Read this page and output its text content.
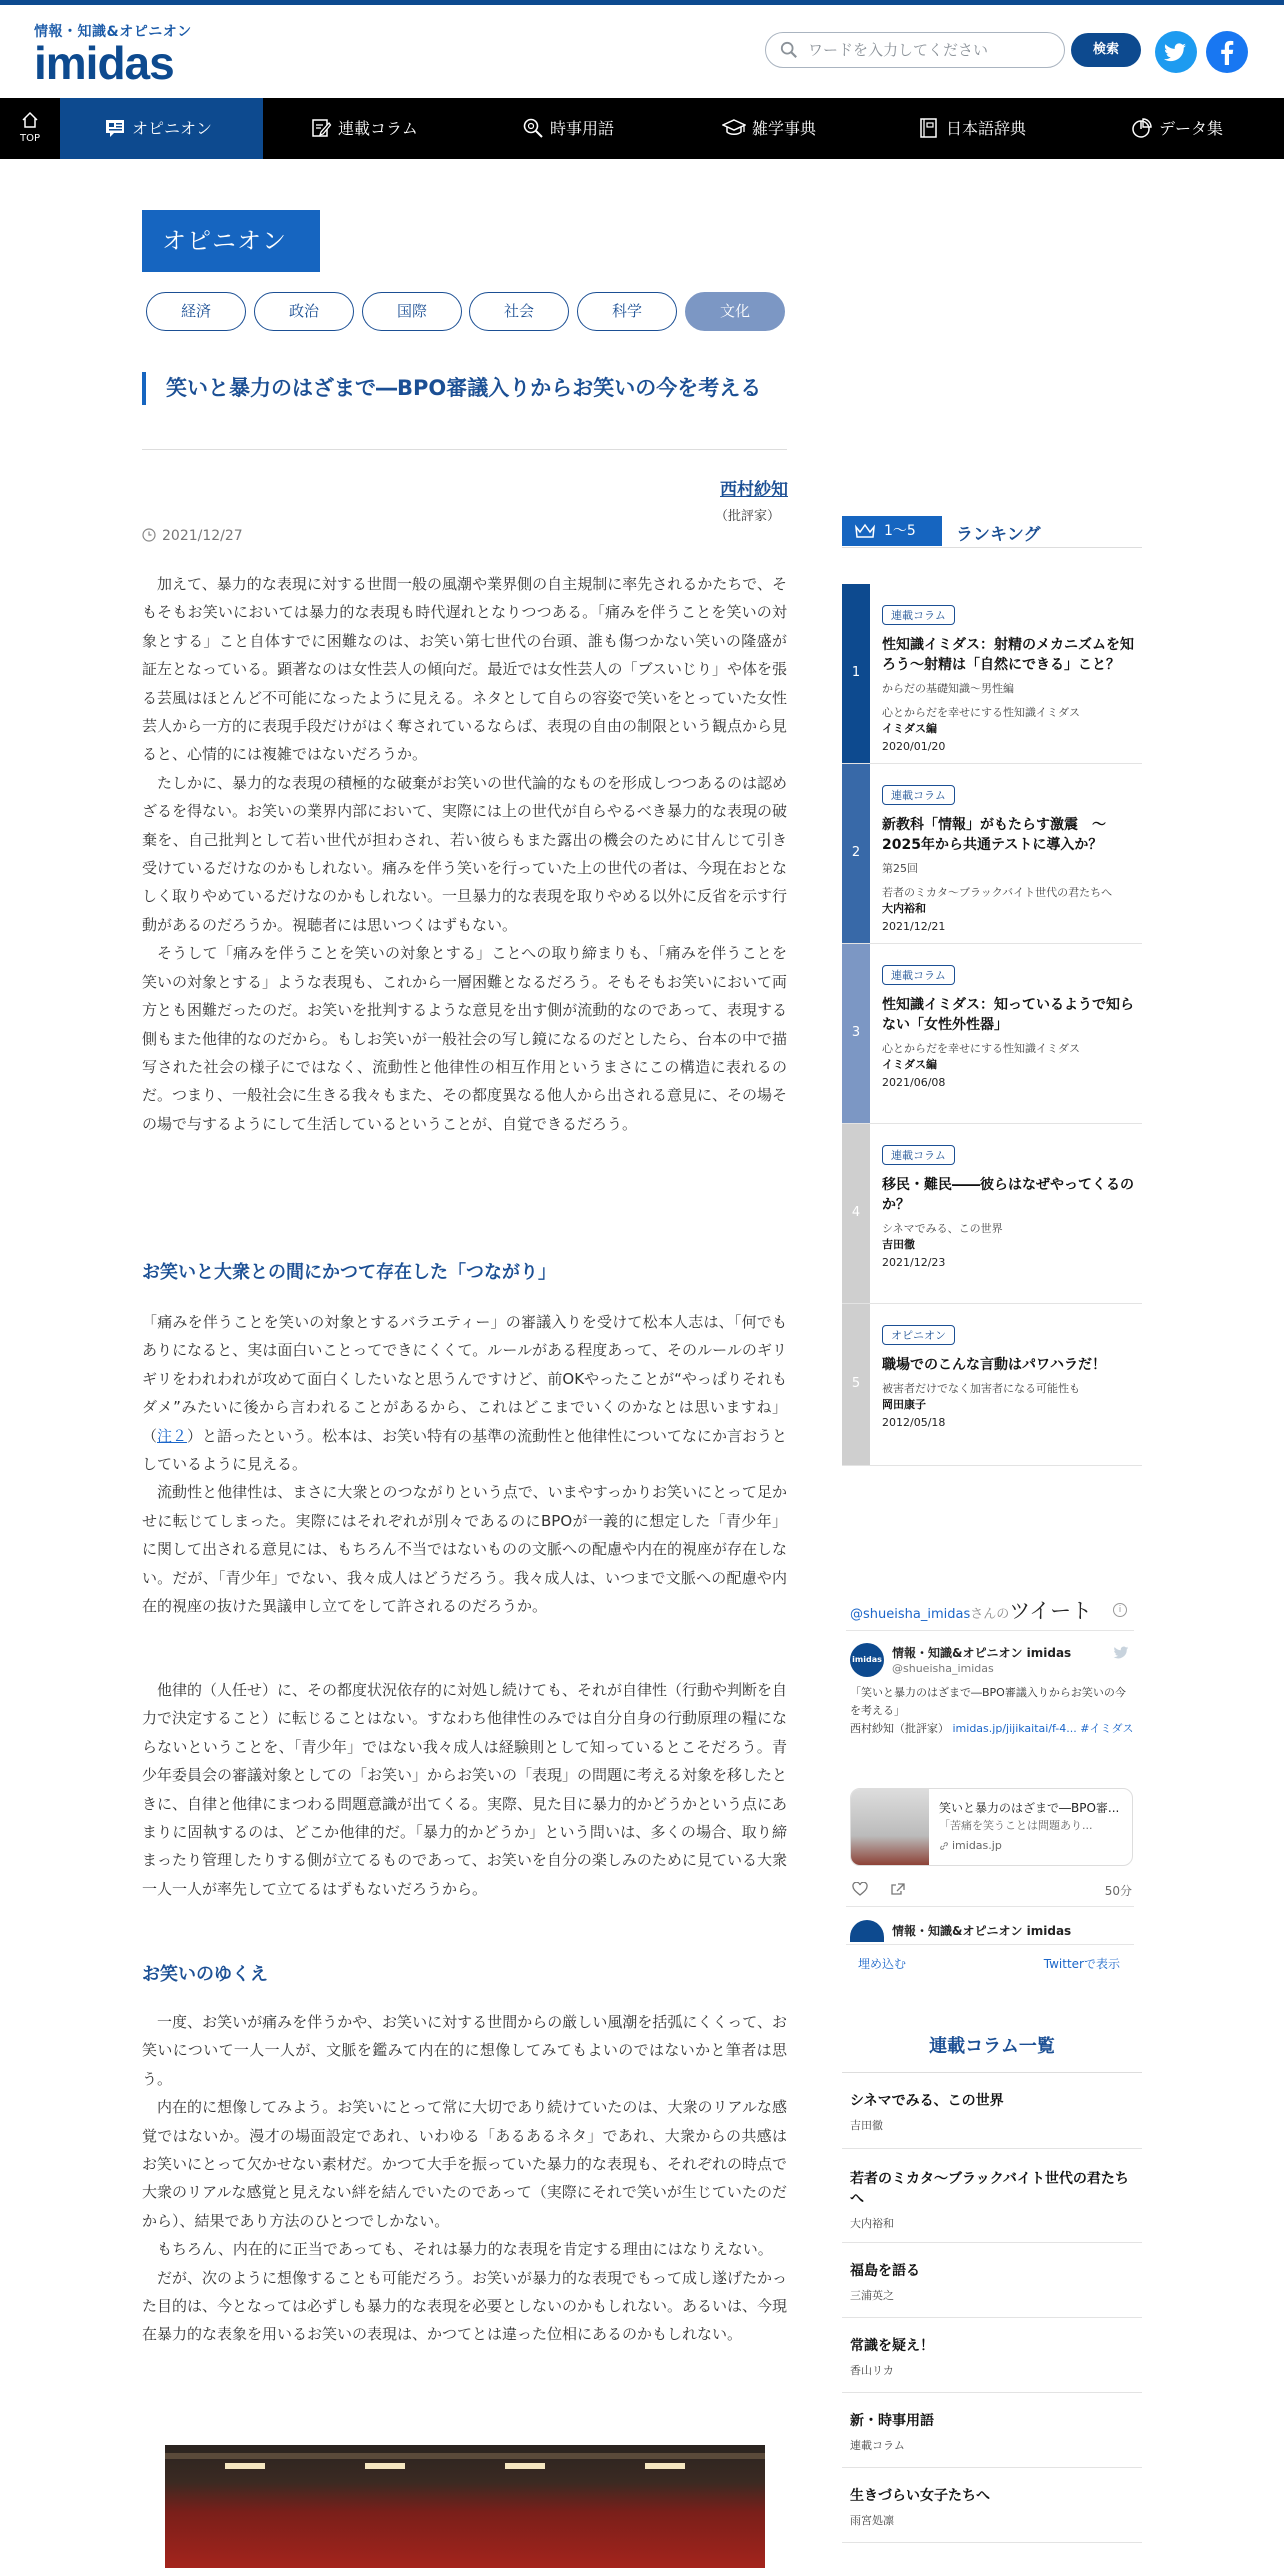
情報・知識&オピニオン
imidas
ワードを入力してください	検索
TOP
オピニオン	連載コラム	時事用語	雑学事典	日本語辞典	データ集
オピニオン
経済	政治	国際	社会	科学	文化
笑いと暴力のはざまで―BPO審議入りからお笑いの今を考える
西村紗知
（批評家）
2021/12/27

加えて、暴力的な表現に対する世間一般の風潮や業界側の自主規制に率先されるかたちで、そもそもお笑いにおいては暴力的な表現も時代遅れとなりつつある。「痛みを伴うことを笑いの対象とする」こと自体すでに困難なのは、お笑い第七世代の台頭、誰も傷つかない笑いの隆盛が証左となっている。顕著なのは女性芸人の傾向だ。最近では女性芸人の「ブスいじり」や体を張る芸風はほとんど不可能になったように見える。ネタとして自らの容姿で笑いをとっていた女性芸人から一方的に表現手段だけがはく奪されているならば、表現の自由の制限という観点から見ると、心情的には複雑ではないだろうか。

たしかに、暴力的な表現の積極的な破棄がお笑いの世代論的なものを形成しつつあるのは認めざるを得ない。お笑いの業界内部において、実際には上の世代が自らやるべき暴力的な表現の破棄を、自己批判として若い世代が担わされ、若い彼らもまた露出の機会のために甘んじて引き受けているだけなのかもしれない。痛みを伴う笑いを行っていた上の世代の者は、今現在おとなしく取りやめているだけなのかもしれない。一旦暴力的な表現を取りやめる以外に反省を示す行動があるのだろうか。視聴者には思いつくはずもない。

そうして「痛みを伴うことを笑いの対象とする」ことへの取り締まりも、「痛みを伴うことを笑いの対象とする」ような表現も、これから一層困難となるだろう。そもそもお笑いにおいて両方とも困難だったのだ。お笑いを批判するような意見を出す側が流動的なのであって、表現する側もまた他律的なのだから。もしお笑いが一般社会の写し鏡になるのだとしたら、台本の中で描写された社会の様子にではなく、流動性と他律性の相互作用というまさにこの構造に表れるのだ。つまり、一般社会に生きる我々もまた、その都度異なる他人から出される意見に、その場その場で与するようにして生活しているということが、自覚できるだろう。

お笑いと大衆との間にかつて存在した「つながり」

「痛みを伴うことを笑いの対象とするバラエティー」の審議入りを受けて松本人志は、「何でもありになると、実は面白いことってできにくくて。ルールがある程度あって、そのルールのギリギリをわれわれが攻めて面白くしたいなと思うんですけど、前OKやったことが“やっぱりそれもダメ”みたいに後から言われることがあるから、これはどこまでいくのかなとは思いますね」（注２）と語ったという。松本は、お笑い特有の基準の流動性と他律性についてなにか言おうとしているように見える。

流動性と他律性は、まさに大衆とのつながりという点で、いまやすっかりお笑いにとって足かせに転じてしまった。実際にはそれぞれが別々であるのにBPOが一義的に想定した「青少年」に関して出される意見には、もちろん不当ではないものの文脈への配慮や内在的視座が存在しない。だが、「青少年」でない、我々成人はどうだろう。我々成人は、いつまで文脈への配慮や内在的視座の抜けた異議申し立てをして許されるのだろうか。

他律的（人任せ）に、その都度状況依存的に対処し続けても、それが自律性（行動や判断を自力で決定すること）に転じることはない。すなわち他律性のみでは自分自身の行動原理の糧にならないということを、「青少年」ではない我々成人は経験則として知っているとこそだろう。青少年委員会の審議対象としての「お笑い」からお笑いの「表現」の問題に考える対象を移したときに、自律と他律にまつわる問題意識が出てくる。実際、見た目に暴力的かどうかという点にあまりに固執するのは、どこか他律的だ。「暴力的かどうか」という問いは、多くの場合、取り締まったり管理したりする側が立てるものであって、お笑いを自分の楽しみのために見ている大衆一人一人が率先して立てるはずもないだろうから。

お笑いのゆくえ

一度、お笑いが痛みを伴うかや、お笑いに対する世間からの厳しい風潮を括弧にくくって、お笑いについて一人一人が、文脈を鑑みて内在的に想像してみてもよいのではないかと筆者は思う。

内在的に想像してみよう。お笑いにとって常に大切であり続けていたのは、大衆のリアルな感覚ではないか。漫才の場面設定であれ、いわゆる「あるあるネタ」であれ、大衆からの共感はお笑いにとって欠かせない素材だ。かつて大手を振っていた暴力的な表現も、それぞれの時点で大衆のリアルな感覚と見えない絆を結んでいたのであって（実際にそれで笑いが生じていたのだから）、結果であり方法のひとつでしかない。

もちろん、内在的に正当であっても、それは暴力的な表現を肯定する理由にはなりえない。

だが、次のように想像することも可能だろう。お笑いが暴力的な表現でもって成し遂げたかった目的は、今となっては必ずしも暴力的な表現を必要としないのかもしれない。あるいは、今現在暴力的な表象を用いるお笑いの表現は、かつてとは違った位相にあるのかもしれない。

1～5	ランキング
1
連載コラム
性知識イミダス：射精のメカニズムを知ろう～射精は「自然にできる」こと？
からだの基礎知識～男性編
心とからだを幸せにする性知識イミダス
イミダス編
2020/01/20
2
連載コラム
新教科「情報」がもたらす激震　～2025年から共通テストに導入か？
第25回
若者のミカタ～ブラックバイト世代の君たちへ
大内裕和
2021/12/21
3
連載コラム
性知識イミダス：知っているようで知らない「女性外性器」
心とからだを幸せにする性知識イミダス
イミダス編
2021/06/08
4
連載コラム
移民・難民――彼らはなぜやってくるのか？
シネマでみる、この世界
吉田徹
2021/12/23
5
オピニオン
職場でのこんな言動はパワハラだ！
被害者だけでなく加害者になる可能性も
岡田康子
2012/05/18
@shueisha_imidasさんのツイート	i
imidas 情報・知識&オピニオン imidas
@shueisha_imidas
「笑いと暴力のはざまで―BPO審議入りからお笑いの今を考える」
西村紗知（批評家） imidas.jp/jijikaitai/f-4... #イミダス
笑いと暴力のはざまで―BPO審...
「苦痛を笑うことは問題あり...
imidas.jp
50分
情報・知識&オピニオン imidas
埋め込む	Twitterで表示
連載コラム一覧
シネマでみる、この世界
吉田徹
若者のミカタ～ブラックバイト世代の君たちへ
大内裕和
福島を語る
三浦英之
常識を疑え！
香山リカ
新・時事用語
連載コラム
生きづらい女子たちへ
雨宮処凛
